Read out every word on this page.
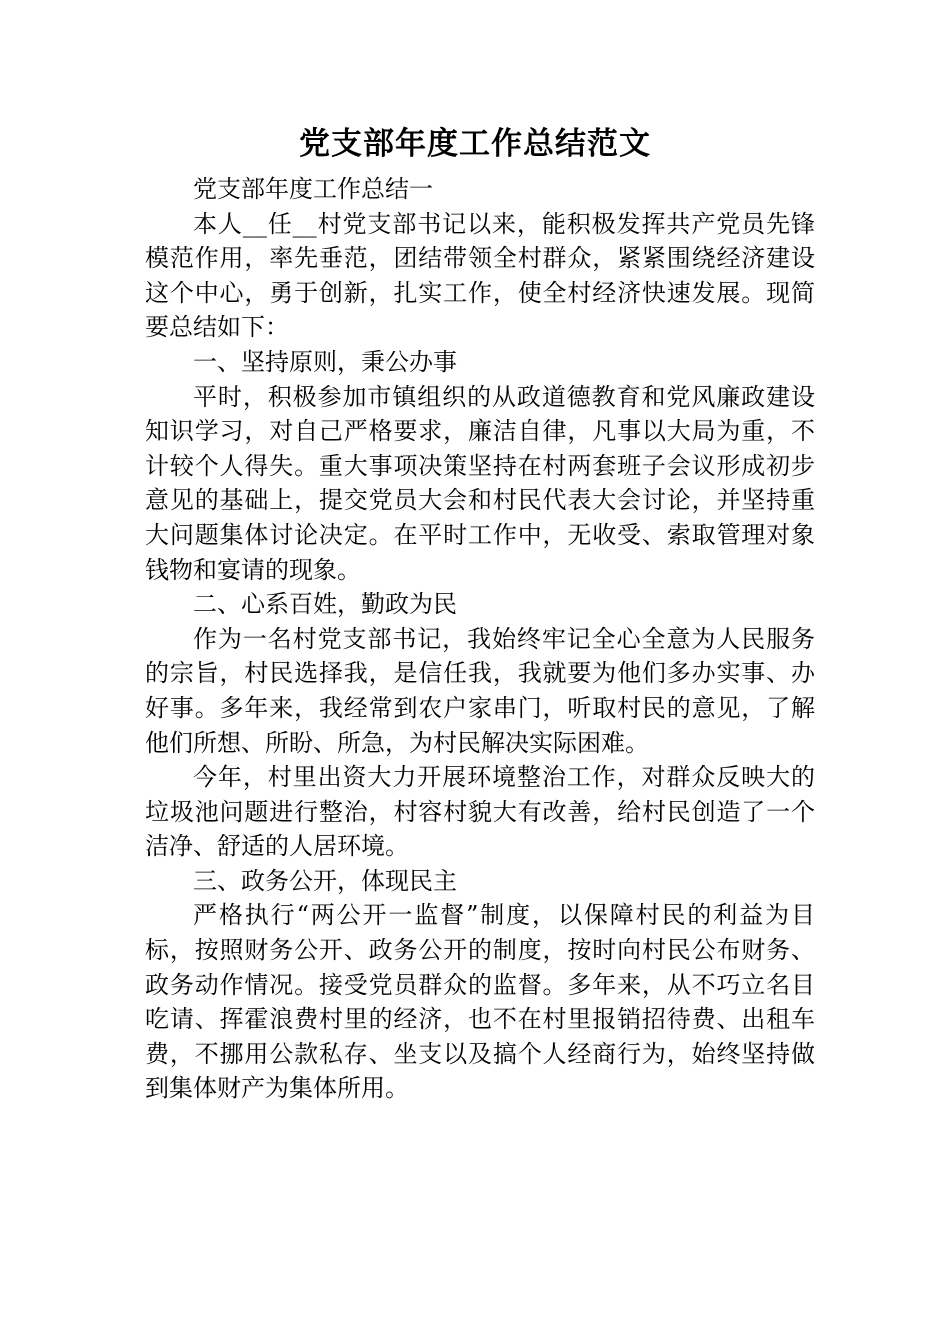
党支部年度工作总结范文

党支部年度工作总结一

本人__任__村党支部书记以来，能积极发挥共产党员先锋模范作用，率先垂范，团结带领全村群众，紧紧围绕经济建设这个中心，勇于创新，扎实工作，使全村经济快速发展。现简要总结如下：

一、坚持原则，秉公办事

平时，积极参加市镇组织的从政道德教育和党风廉政建设知识学习，对自己严格要求，廉洁自律，凡事以大局为重，不计较个人得失。重大事项决策坚持在村两套班子会议形成初步意见的基础上，提交党员大会和村民代表大会讨论，并坚持重大问题集体讨论决定。在平时工作中，无收受、索取管理对象钱物和宴请的现象。

二、心系百姓，勤政为民

作为一名村党支部书记，我始终牢记全心全意为人民服务的宗旨，村民选择我，是信任我，我就要为他们多办实事、办好事。多年来，我经常到农户家串门，听取村民的意见，了解他们所想、所盼、所急，为村民解决实际困难。

今年，村里出资大力开展环境整治工作，对群众反映大的垃圾池问题进行整治，村容村貌大有改善，给村民创造了一个洁净、舒适的人居环境。

三、政务公开，体现民主

严格执行“两公开一监督”制度，以保障村民的利益为目标，按照财务公开、政务公开的制度，按时向村民公布财务、政务动作情况。接受党员群众的监督。多年来，从不巧立名目吃请、挥霍浪费村里的经济，也不在村里报销招待费、出租车费，不挪用公款私存、坐支以及搞个人经商行为，始终坚持做到集体财产为集体所用。
